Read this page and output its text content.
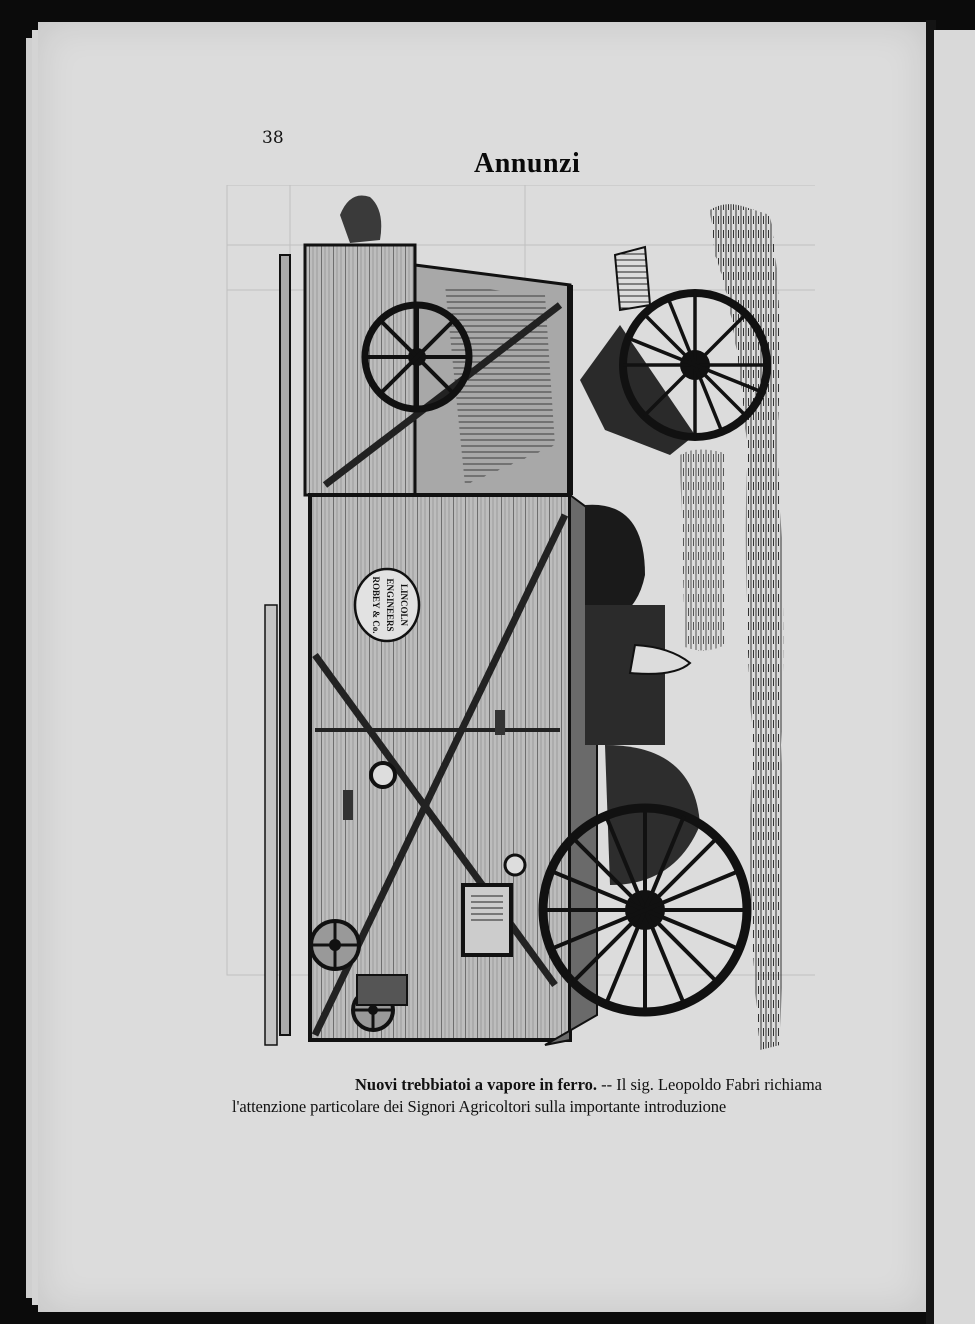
38
Annunzi
ROBEY & Co. ENGINEERS LINCOLN
Nuovi trebbiatoi a vapore in ferro. -- Il sig. Leopoldo Fabri richiama
l'attenzione particolare dei Signori Agricoltori sulla importante introduzione
